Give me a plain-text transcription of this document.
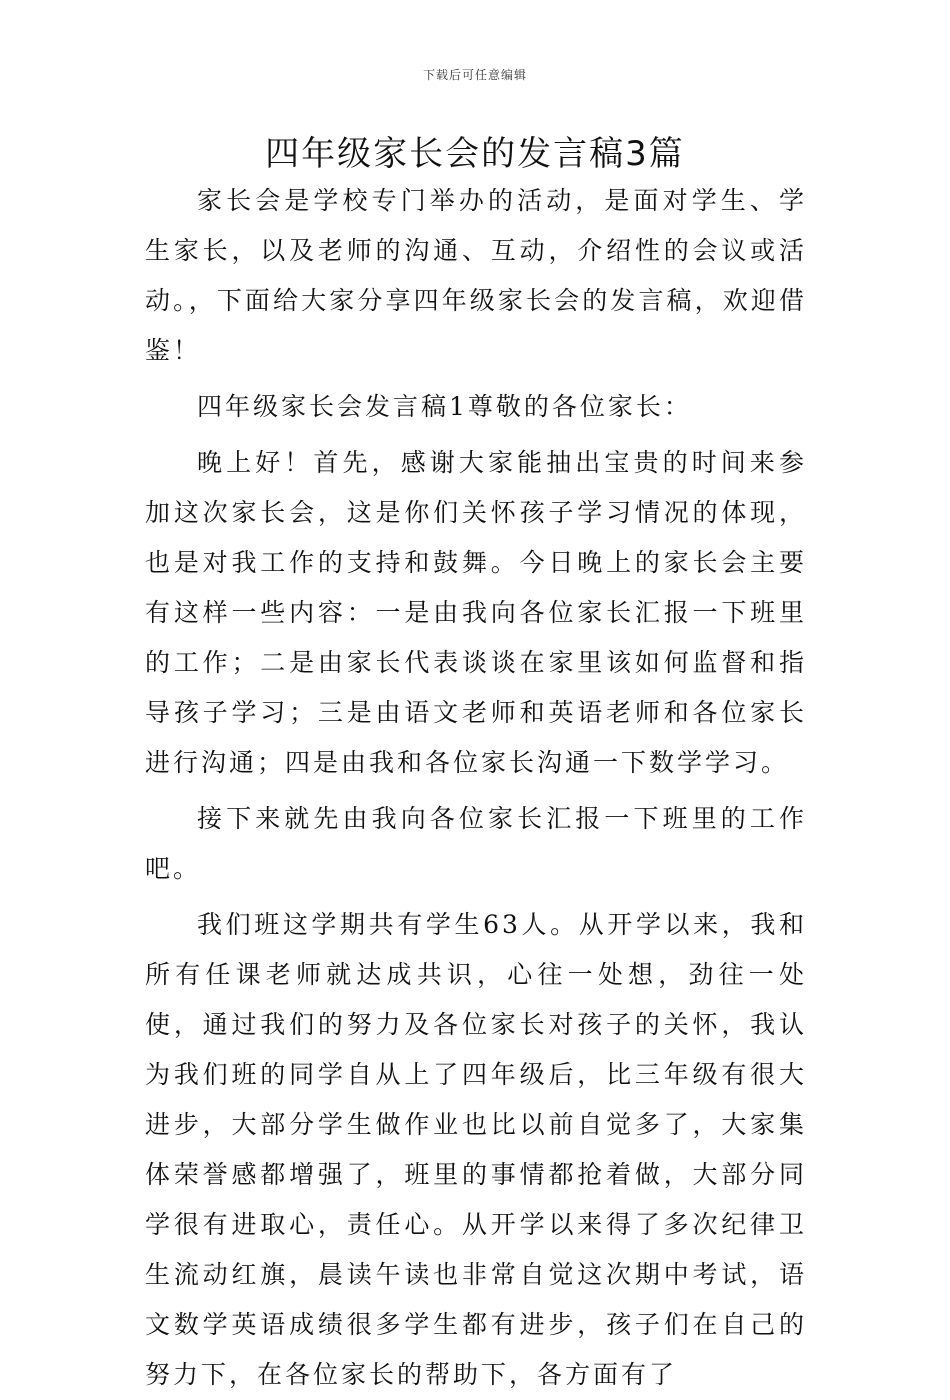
下载后可任意编辑
四年级家长会的发言稿3篇

家长会是学校专门举办的活动，是面对学生、学生家长，以及老师的沟通、互动，介绍性的会议或活动。，下面给大家分享四年级家长会的发言稿，欢迎借鉴！

四年级家长会发言稿1尊敬的各位家长：

晚上好！首先，感谢大家能抽出宝贵的时间来参加这次家长会，这是你们关怀孩子学习情况的体现，也是对我工作的支持和鼓舞。今日晚上的家长会主要有这样一些内容：一是由我向各位家长汇报一下班里的工作；二是由家长代表谈谈在家里该如何监督和指导孩子学习；三是由语文老师和英语老师和各位家长进行沟通；四是由我和各位家长沟通一下数学学习。

接下来就先由我向各位家长汇报一下班里的工作吧。

我们班这学期共有学生63人。从开学以来，我和所有任课老师就达成共识，心往一处想，劲往一处使，通过我们的努力及各位家长对孩子的关怀，我认为我们班的同学自从上了四年级后，比三年级有很大进步，大部分学生做作业也比以前自觉多了，大家集体荣誉感都增强了，班里的事情都抢着做，大部分同学很有进取心，责任心。从开学以来得了多次纪律卫生流动红旗，晨读午读也非常自觉这次期中考试，语文数学英语成绩很多学生都有进步，孩子们在自己的努力下，在各位家长的帮助下，各方面有了
